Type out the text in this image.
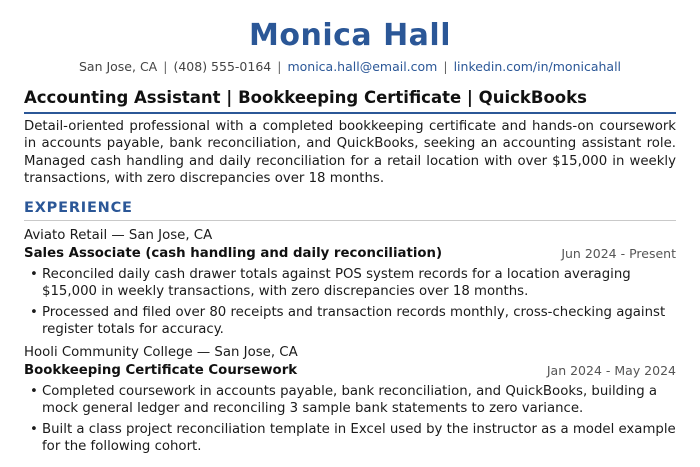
Monica Hall
San Jose, CA | (408) 555-0164 | monica.hall@email.com | linkedin.com/in/monicahall
Accounting Assistant | Bookkeeping Certificate | QuickBooks
Detail-oriented professional with a completed bookkeeping certificate and hands-on coursework in accounts payable, bank reconciliation, and QuickBooks, seeking an accounting assistant role. Managed cash handling and daily reconciliation for a retail location with over $15,000 in weekly transactions, with zero discrepancies over 18 months.
EXPERIENCE
Aviato Retail — San Jose, CA
Sales Associate (cash handling and daily reconciliation)	Jun 2024 - Present
• Reconciled daily cash drawer totals against POS system records for a location averaging $15,000 in weekly transactions, with zero discrepancies over 18 months.
• Processed and filed over 80 receipts and transaction records monthly, cross-checking against register totals for accuracy.
Hooli Community College — San Jose, CA
Bookkeeping Certificate Coursework	Jan 2024 - May 2024
• Completed coursework in accounts payable, bank reconciliation, and QuickBooks, building a mock general ledger and reconciling 3 sample bank statements to zero variance.
• Built a class project reconciliation template in Excel used by the instructor as a model example for the following cohort.
